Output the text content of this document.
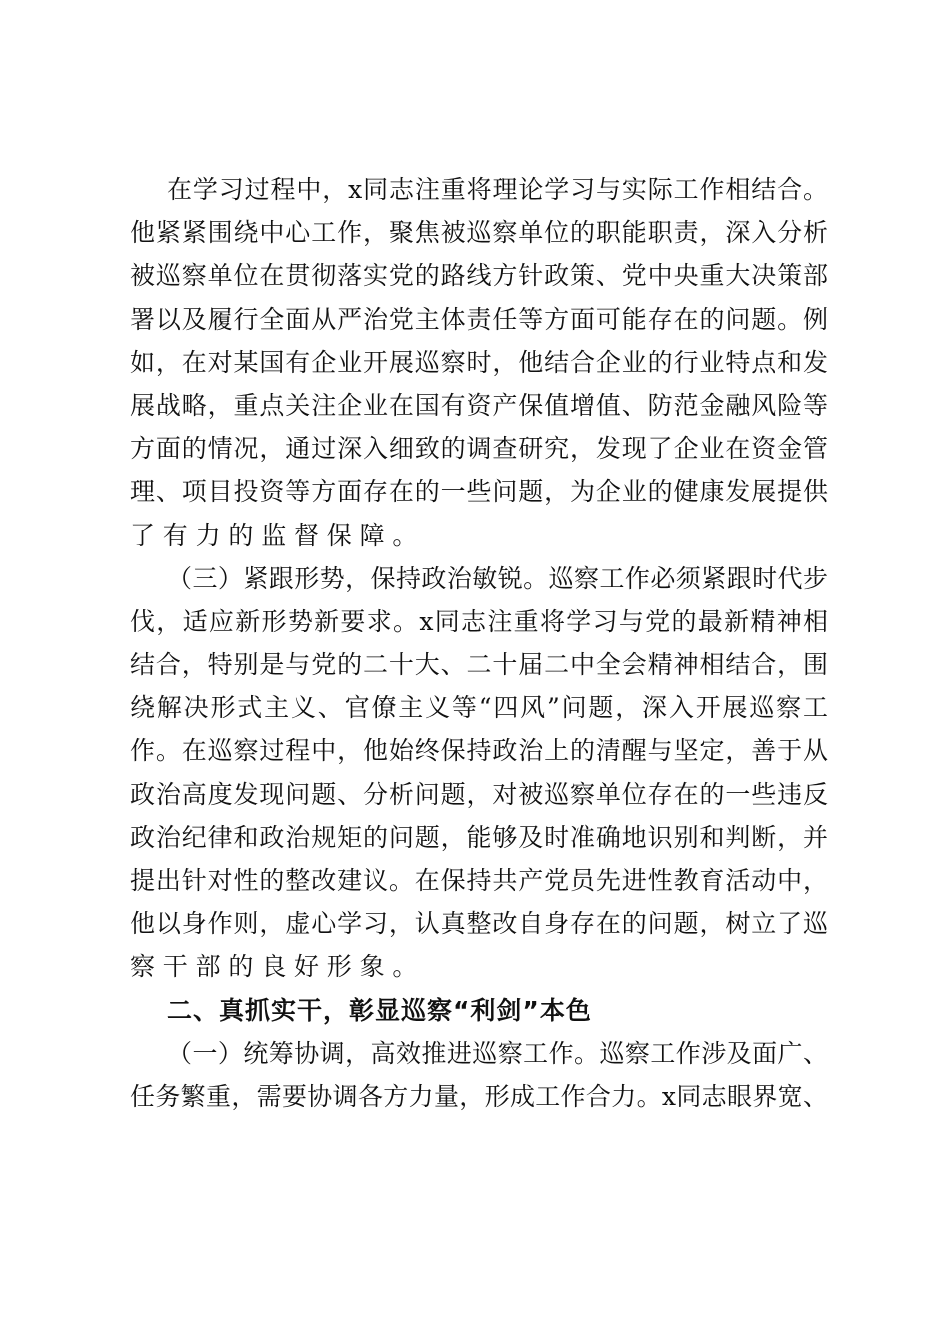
在学习过程中，x同志注重将理论学习与实际工作相结合。
他紧紧围绕中心工作，聚焦被巡察单位的职能职责，深入分析
被巡察单位在贯彻落实党的路线方针政策、党中央重大决策部
署以及履行全面从严治党主体责任等方面可能存在的问题。例
如，在对某国有企业开展巡察时，他结合企业的行业特点和发
展战略，重点关注企业在国有资产保值增值、防范金融风险等
方面的情况，通过深入细致的调查研究，发现了企业在资金管
理、项目投资等方面存在的一些问题，为企业的健康发展提供
了有力的监督保障。
（三）紧跟形势，保持政治敏锐。巡察工作必须紧跟时代步
伐，适应新形势新要求。x同志注重将学习与党的最新精神相
结合，特别是与党的二十大、二十届二中全会精神相结合，围
绕解决形式主义、官僚主义等“四风”问题，深入开展巡察工
作。在巡察过程中，他始终保持政治上的清醒与坚定，善于从
政治高度发现问题、分析问题，对被巡察单位存在的一些违反
政治纪律和政治规矩的问题，能够及时准确地识别和判断，并
提出针对性的整改建议。在保持共产党员先进性教育活动中，
他以身作则，虚心学习，认真整改自身存在的问题，树立了巡
察干部的良好形象。
二、真抓实干，彰显巡察“利剑”本色
（一）统筹协调，高效推进巡察工作。巡察工作涉及面广、
任务繁重，需要协调各方力量，形成工作合力。x同志眼界宽、
